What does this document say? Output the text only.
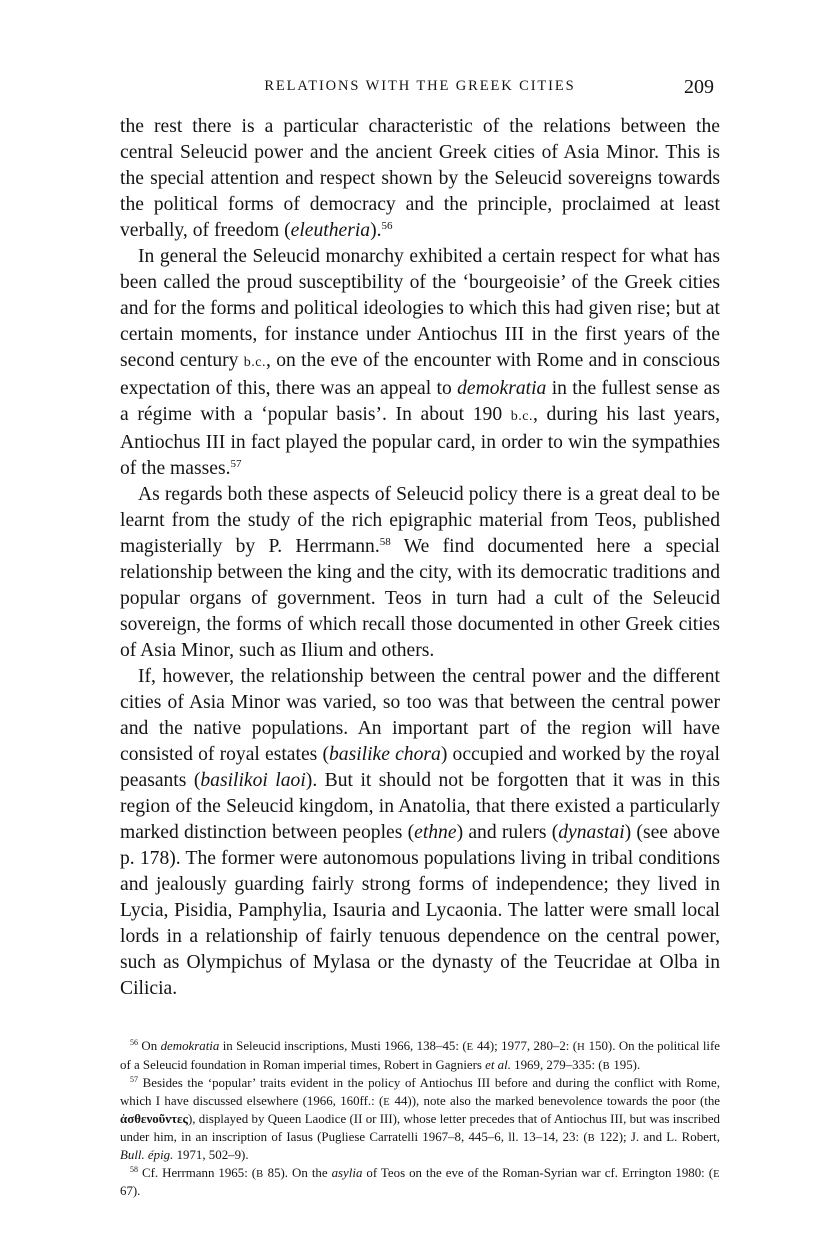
RELATIONS WITH THE GREEK CITIES	209

the rest there is a particular characteristic of the relations between the central Seleucid power and the ancient Greek cities of Asia Minor. This is the special attention and respect shown by the Seleucid sovereigns towards the political forms of democracy and the principle, proclaimed at least verbally, of freedom (eleutheria).$^{56}$

In general the Seleucid monarchy exhibited a certain respect for what has been called the proud susceptibility of the ‘bourgeoisie’ of the Greek cities and for the forms and political ideologies to which this had given rise; but at certain moments, for instance under Antiochus III in the first years of the second century b.c., on the eve of the encounter with Rome and in conscious expectation of this, there was an appeal to demokratia in the fullest sense as a régime with a ‘popular basis’. In about 190 b.c., during his last years, Antiochus III in fact played the popular card, in order to win the sympathies of the masses.$^{57}$

As regards both these aspects of Seleucid policy there is a great deal to be learnt from the study of the rich epigraphic material from Teos, published magisterially by P. Herrmann.$^{58}$ We find documented here a special relationship between the king and the city, with its democratic traditions and popular organs of government. Teos in turn had a cult of the Seleucid sovereign, the forms of which recall those documented in other Greek cities of Asia Minor, such as Ilium and others.

If, however, the relationship between the central power and the different cities of Asia Minor was varied, so too was that between the central power and the native populations. An important part of the region will have consisted of royal estates (basilike chora) occupied and worked by the royal peasants (basilikoi laoi). But it should not be forgotten that it was in this region of the Seleucid kingdom, in Anatolia, that there existed a particularly marked distinction between peoples (ethne) and rulers (dynastai) (see above p. 178). The former were autonomous populations living in tribal conditions and jealously guarding fairly strong forms of independence; they lived in Lycia, Pisidia, Pamphylia, Isauria and Lycaonia. The latter were small local lords in a relationship of fairly tenuous dependence on the central power, such as Olympichus of Mylasa or the dynasty of the Teucridae at Olba in Cilicia.

$^{56}$ On demokratia in Seleucid inscriptions, Musti 1966, 138–45: (E 44); 1977, 280–2: (H 150). On the political life of a Seleucid foundation in Roman imperial times, Robert in Gagniers et al. 1969, 279–335: (B 195).

$^{57}$ Besides the ‘popular’ traits evident in the policy of Antiochus III before and during the conflict with Rome, which I have discussed elsewhere (1966, 160ff.: (E 44)), note also the marked benevolence towards the poor (the ἀσθενοῦντες), displayed by Queen Laodice (II or III), whose letter precedes that of Antiochus III, but was inscribed under him, in an inscription of Iasus (Pugliese Carratelli 1967–8, 445–6, ll. 13–14, 23: (B 122); J. and L. Robert, Bull. épig. 1971, 502–9).

$^{58}$ Cf. Herrmann 1965: (B 85). On the asylia of Teos on the eve of the Roman-Syrian war cf. Errington 1980: (E 67).
